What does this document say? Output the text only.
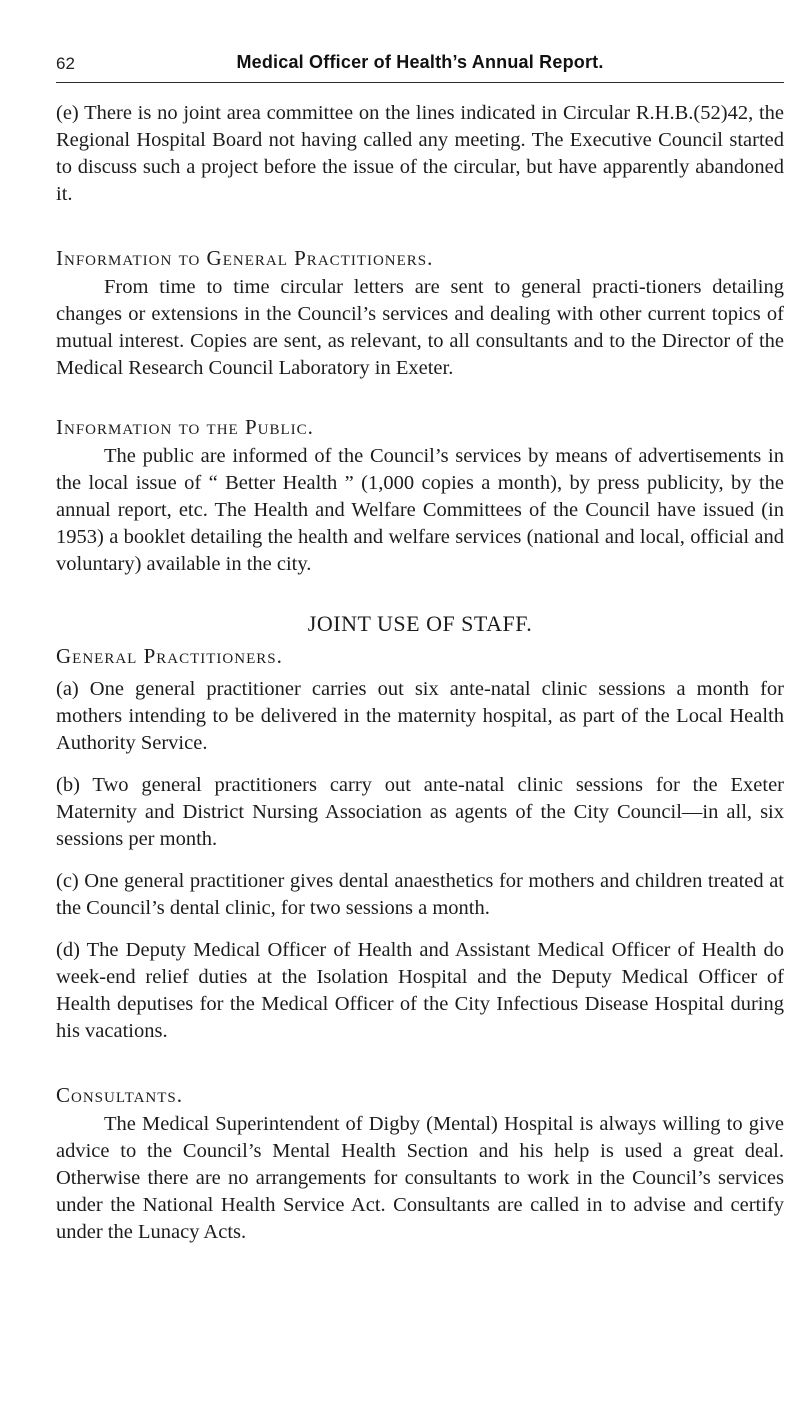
62	Medical Officer of Health’s Annual Report.

(e) There is no joint area committee on the lines indicated in Circular R.H.B.(52)42, the Regional Hospital Board not having called any meeting. The Executive Council started to discuss such a project before the issue of the circular, but have apparently abandoned it.

Information to General Practitioners.

From time to time circular letters are sent to general practi-tioners detailing changes or extensions in the Council’s services and dealing with other current topics of mutual interest. Copies are sent, as relevant, to all consultants and to the Director of the Medical Research Council Laboratory in Exeter.

Information to the Public.

The public are informed of the Council’s services by means of advertisements in the local issue of “ Better Health ” (1,000 copies a month), by press publicity, by the annual report, etc. The Health and Welfare Committees of the Council have issued (in 1953) a booklet detailing the health and welfare services (national and local, official and voluntary) available in the city.

JOINT USE OF STAFF.
General Practitioners.

(a) One general practitioner carries out six ante-natal clinic sessions a month for mothers intending to be delivered in the maternity hospital, as part of the Local Health Authority Service.

(b) Two general practitioners carry out ante-natal clinic sessions for the Exeter Maternity and District Nursing Association as agents of the City Council—in all, six sessions per month.

(c) One general practitioner gives dental anaesthetics for mothers and children treated at the Council’s dental clinic, for two sessions a month.

(d) The Deputy Medical Officer of Health and Assistant Medical Officer of Health do week-end relief duties at the Isolation Hospital and the Deputy Medical Officer of Health deputises for the Medical Officer of the City Infectious Disease Hospital during his vacations.

Consultants.

The Medical Superintendent of Digby (Mental) Hospital is always willing to give advice to the Council’s Mental Health Section and his help is used a great deal. Otherwise there are no arrangements for consultants to work in the Council’s services under the National Health Service Act. Consultants are called in to advise and certify under the Lunacy Acts.
